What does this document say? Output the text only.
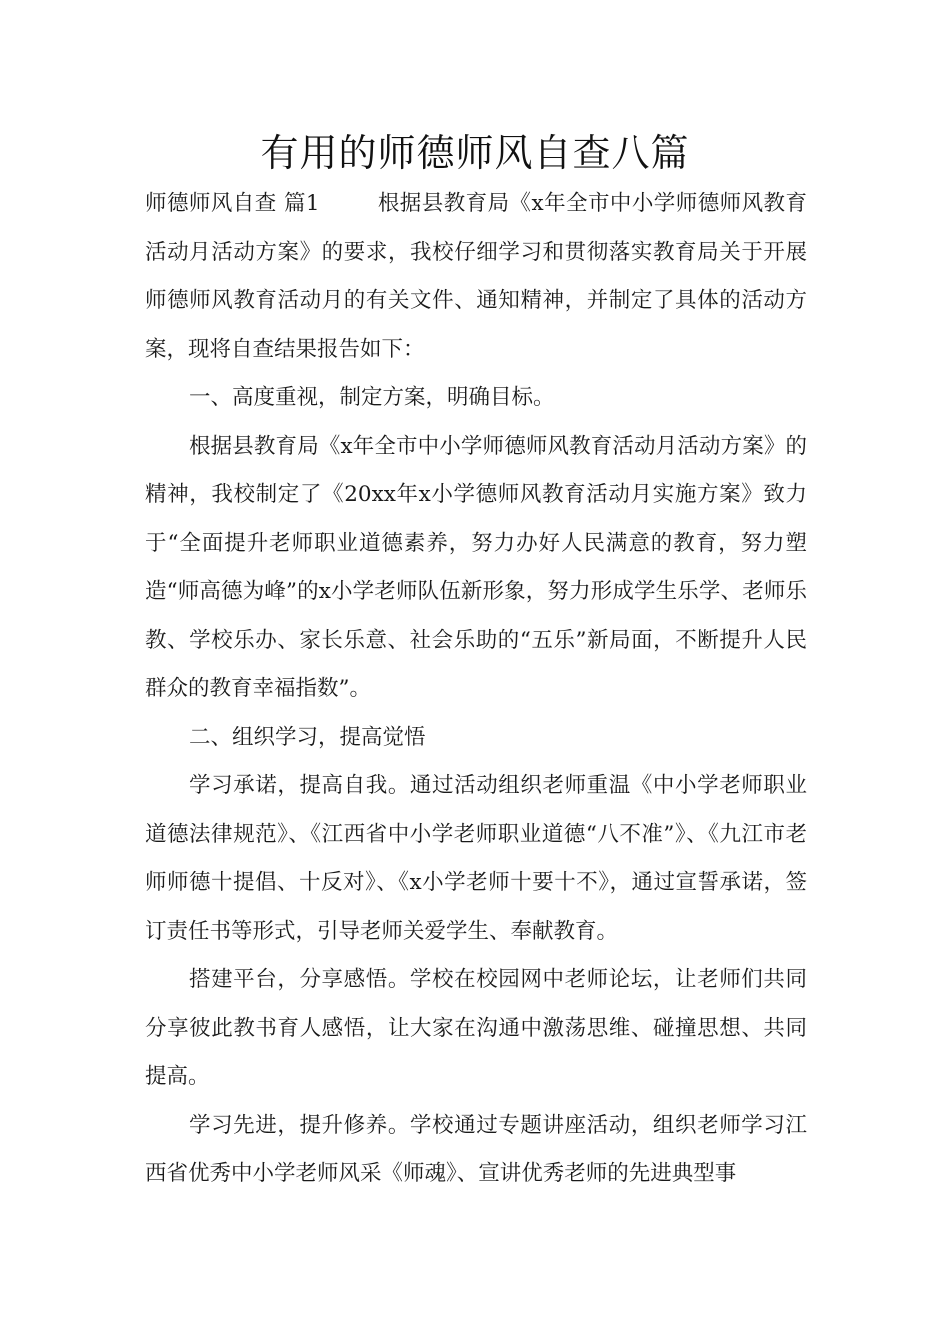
有用的师德师风自查八篇

师德师风自查 篇1	根据县教育局《x年全市中小学师德师风教育活动月活动方案》的要求，我校仔细学习和贯彻落实教育局关于开展师德师风教育活动月的有关文件、通知精神，并制定了具体的活动方案，现将自查结果报告如下：

一、高度重视，制定方案，明确目标。

根据县教育局《x年全市中小学师德师风教育活动月活动方案》的精神，我校制定了《20xx年x小学德师风教育活动月实施方案》致力于“全面提升老师职业道德素养，努力办好人民满意的教育，努力塑造“师高德为峰”的x小学老师队伍新形象，努力形成学生乐学、老师乐教、学校乐办、家长乐意、社会乐助的“五乐”新局面，不断提升人民群众的教育幸福指数”。

二、组织学习，提高觉悟

学习承诺，提高自我。通过活动组织老师重温《中小学老师职业道德法律规范》、《江西省中小学老师职业道德“八不准”》、《九江市老师师德十提倡、十反对》、《x小学老师十要十不》，通过宣誓承诺，签订责任书等形式，引导老师关爱学生、奉献教育。

搭建平台，分享感悟。学校在校园网中老师论坛，让老师们共同分享彼此教书育人感悟，让大家在沟通中激荡思维、碰撞思想、共同提高。

学习先进，提升修养。学校通过专题讲座活动，组织老师学习江西省优秀中小学老师风采《师魂》、宣讲优秀老师的先进典型事
